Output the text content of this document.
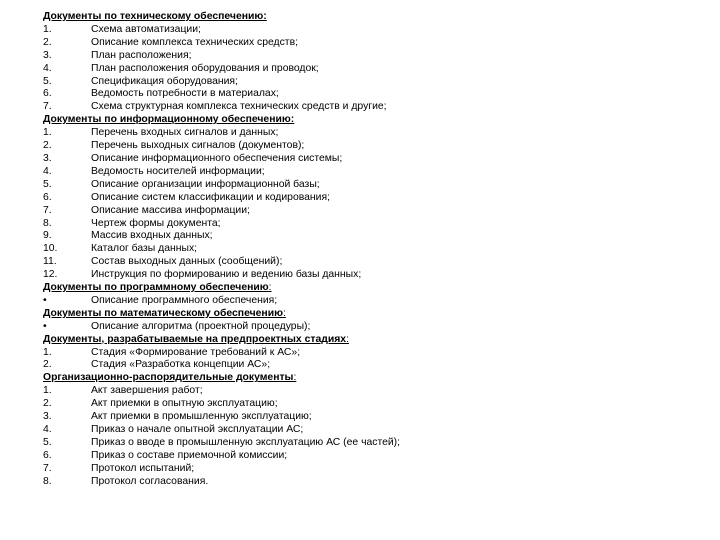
Документы по техническому обеспечению:
1.	Схема автоматизации;
2.	Описание комплекса технических средств;
3.	План расположения;
4.	План расположения оборудования и проводок;
5.	Спецификация оборудования;
6.	Ведомость потребности в материалах;
7.	Схема структурная комплекса технических средств и другие;
Документы по информационному обеспечению:
1.	Перечень входных сигналов и данных;
2.	Перечень выходных сигналов (документов);
3.	Описание информационного обеспечения системы;
4.	Ведомость носителей информации;
5.	Описание организации информационной базы;
6.	Описание систем классификации и кодирования;
7.	Описание массива информации;
8.	Чертеж формы документа;
9.	Массив входных данных;
10.	Каталог базы данных;
11.	Состав выходных данных (сообщений);
12.	Инструкция по формированию и ведению базы данных;
Документы по программному обеспечению:
•	Описание программного обеспечения;
Документы по математическому обеспечению:
•	Описание алгоритма (проектной процедуры);
Документы, разрабатываемые на предпроектных стадиях:
1.	Стадия «Формирование требований к АС»;
2.	Стадия «Разработка концепции АС»;
Организационно-распорядительные документы:
1.	Акт завершения работ;
2.	Акт приемки в опытную эксплуатацию;
3.	Акт приемки в промышленную эксплуатацию;
4.	Приказ о начале опытной эксплуатации АС;
5.	Приказ о вводе в промышленную эксплуатацию АС (ее частей);
6.	Приказ о составе приемочной комиссии;
7.	Протокол испытаний;
8.	Протокол согласования.
